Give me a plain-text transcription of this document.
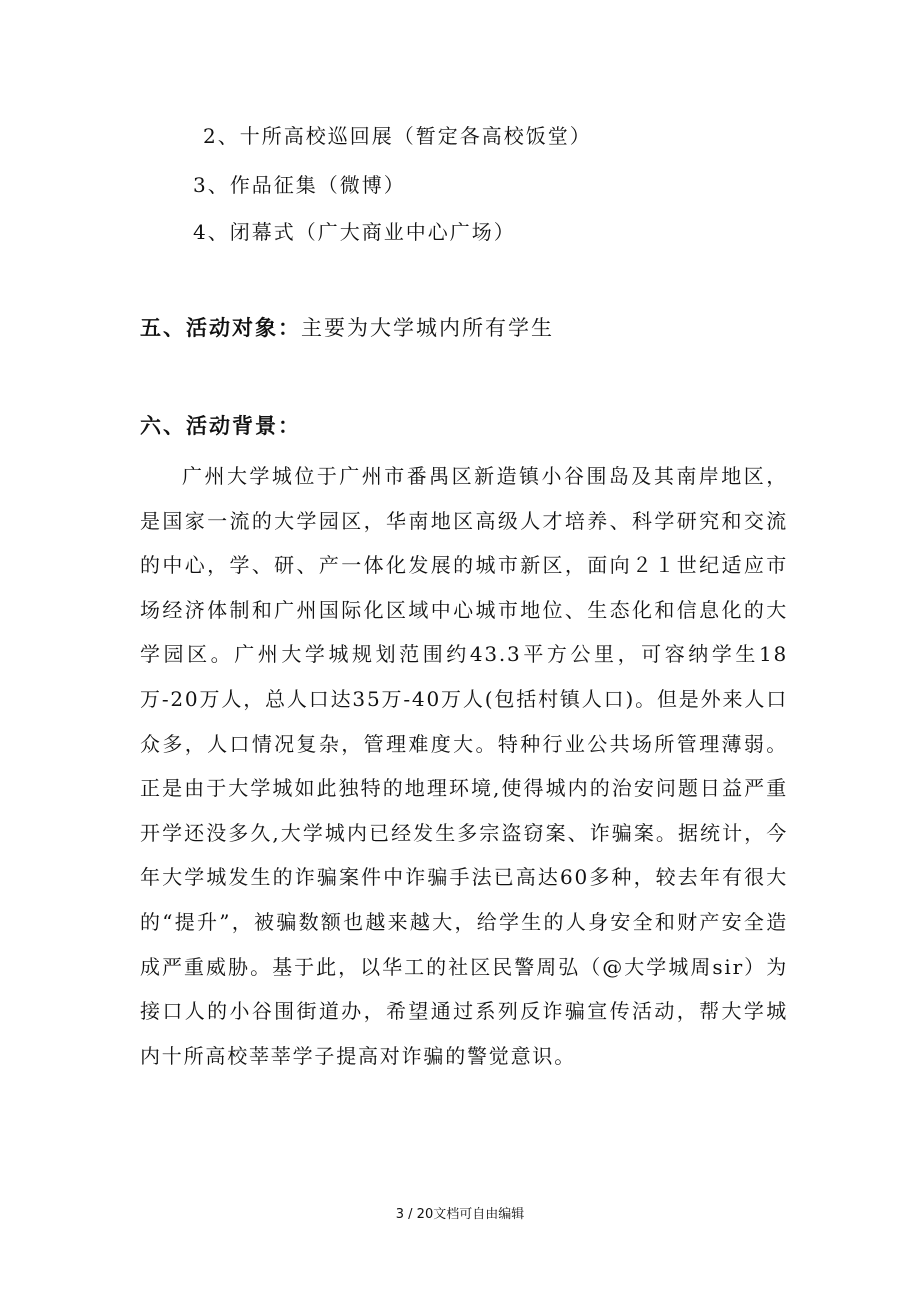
2、十所高校巡回展（暂定各高校饭堂）
3、作品征集（微博）
4、闭幕式（广大商业中心广场）
五、活动对象：主要为大学城内所有学生
六、活动背景：

广州大学城位于广州市番禺区新造镇小谷围岛及其南岸地区，是国家一流的大学园区，华南地区高级人才培养、科学研究和交流的中心，学、研、产一体化发展的城市新区，面向２１世纪适应市场经济体制和广州国际化区域中心城市地位、生态化和信息化的大学园区。广州大学城规划范围约43.3平方公里，可容纳学生18万-20万人，总人口达35万-40万人(包括村镇人口)。但是外来人口众多，人口情况复杂，管理难度大。特种行业公共场所管理薄弱。正是由于大学城如此独特的地理环境,使得城内的治安问题日益严重开学还没多久,大学城内已经发生多宗盗窃案、诈骗案。据统计，今年大学城发生的诈骗案件中诈骗手法已高达60多种，较去年有很大的“提升”，被骗数额也越来越大，给学生的人身安全和财产安全造成严重威胁。基于此，以华工的社区民警周弘（@大学城周sir）为接口人的小谷围街道办，希望通过系列反诈骗宣传活动，帮大学城内十所高校莘莘学子提高对诈骗的警觉意识。

3 / 20文档可自由编辑
